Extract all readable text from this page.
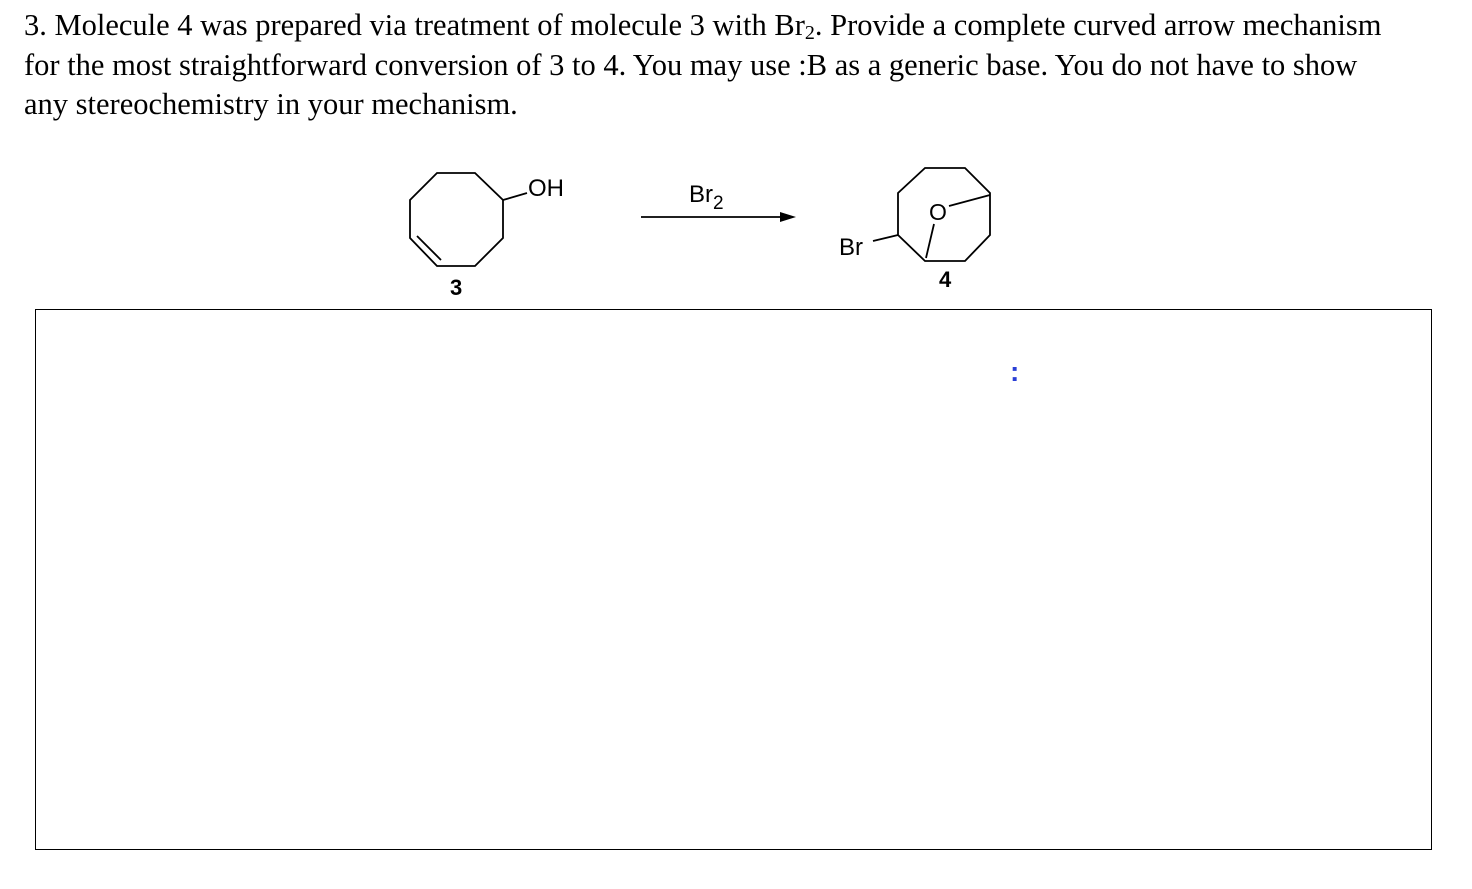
3. Molecule 4 was prepared via treatment of molecule 3 with $Br_2$. Provide a complete curved arrow mechanism
for the most straightforward conversion of 3 to 4. You may use :B as a generic base. You do not have to show
any stereochemistry in your mechanism.
OH
3
$Br_2$	O
Br
4
:
